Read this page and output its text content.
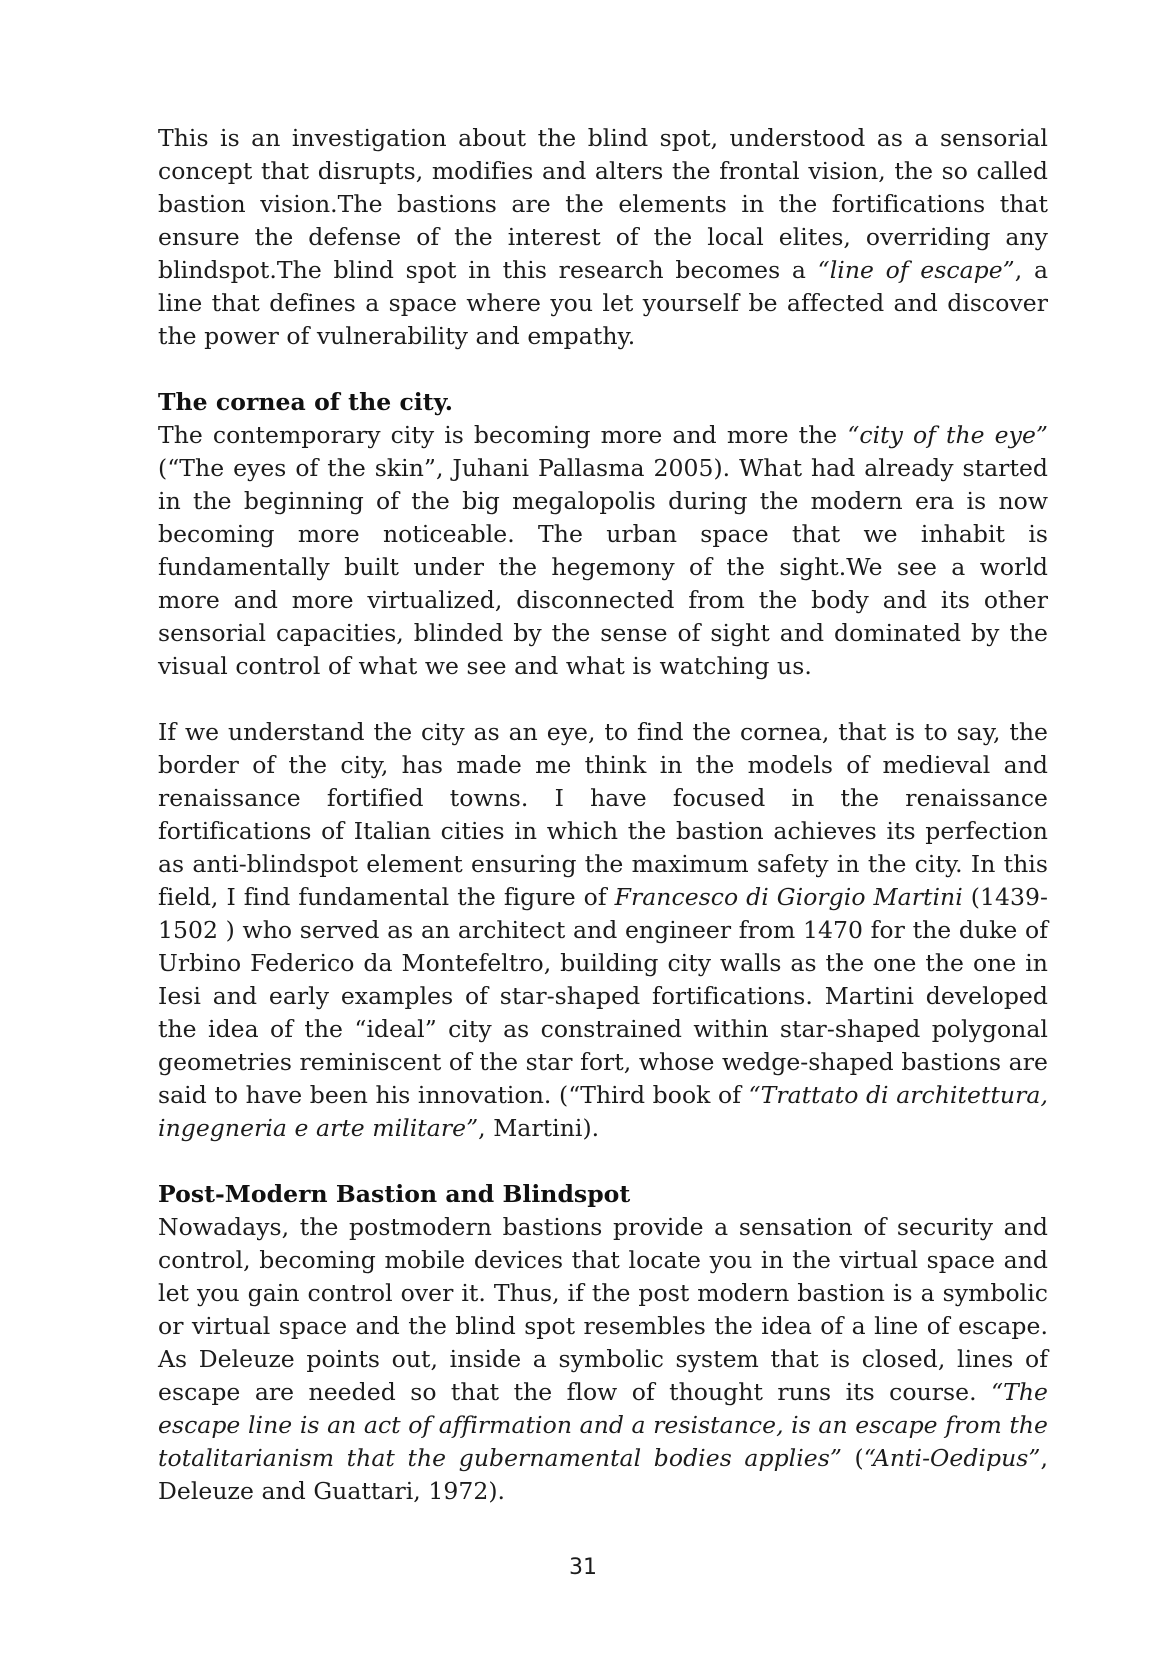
This is an investigation about the blind spot, understood as a sensorial concept that disrupts, modifies and alters the frontal vision, the so called bastion vision.The bastions are the elements in the fortifications that ensure the defense of the interest of the local elites, overriding any blindspot.The blind spot in this research becomes a “line of escape”, a line that defines a space where you let yourself be affected and discover the power of vulnerability and empathy.

The cornea of the city.

The contemporary city is becoming more and more the “city of the eye” (“The eyes of the skin”, Juhani Pallasma 2005). What had already started in the beginning of the big megalopolis during the modern era is now becoming more noticeable. The urban space that we inhabit is fundamentally built under the hegemony of the sight.We see a world more and more virtualized, disconnected from the body and its other sensorial capacities, blinded by the sense of sight and dominated by the visual control of what we see and what is watching us.

If we understand the city as an eye, to find the cornea, that is to say, the border of the city, has made me think in the models of medieval and renaissance fortified towns. I have focused in the renaissance fortifications of Italian cities in which the bastion achieves its perfection as anti-blindspot element ensuring the maximum safety in the city. In this field, I find fundamental the figure of Francesco di Giorgio Martini (1439-1502 ) who served as an architect and engineer from 1470 for the duke of Urbino Federico da Montefeltro, building city walls as the one the one in Iesi and early examples of star-shaped fortifications. Martini developed the idea of the “ideal” city as constrained within star-shaped polygonal geometries reminiscent of the star fort, whose wedge-shaped bastions are said to have been his innovation. (“Third book of “Trattato di architettura, ingegneria e arte militare”, Martini).

Post-Modern Bastion and Blindspot

Nowadays, the postmodern bastions provide a sensation of security and control, becoming mobile devices that locate you in the virtual space and let you gain control over it. Thus, if the post modern bastion is a symbolic or virtual space and the blind spot resembles the idea of a line of escape. As Deleuze points out, inside a symbolic system that is closed, lines of escape are needed so that the flow of thought runs its course. “The escape line is an act of affirmation and a resistance, is an escape from the totalitarianism that the gubernamental bodies applies” (“Anti-Oedipus”, Deleuze and Guattari, 1972).

31
